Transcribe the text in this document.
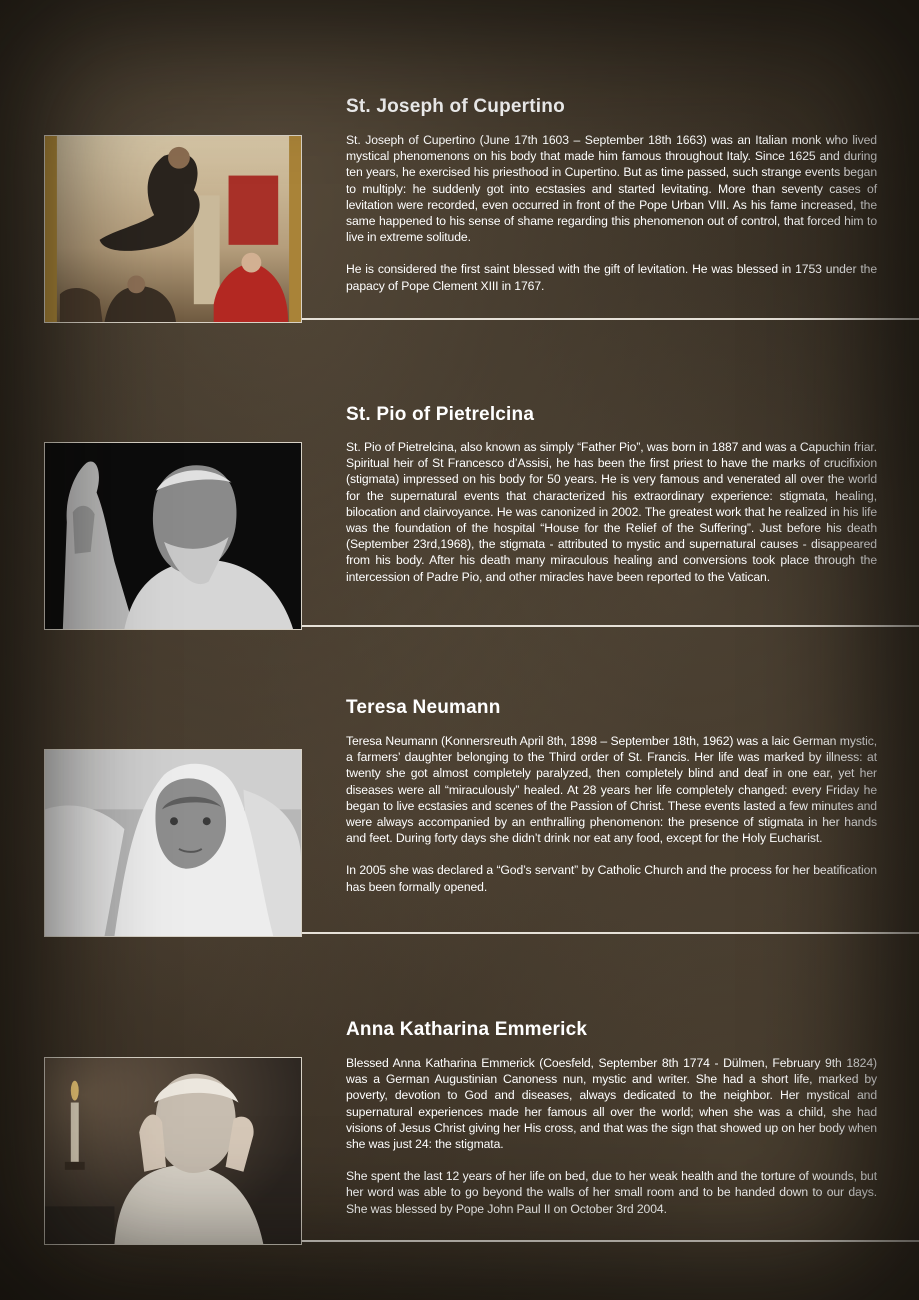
St. Joseph of Cupertino

St. Joseph of Cupertino (June 17th 1603 – September 18th 1663) was an Italian monk who lived mystical phenomenons on his body that made him famous throughout Italy. Since 1625 and during ten years, he exercised his priesthood in Cupertino. But as time passed, such strange events began to multiply: he suddenly got into ecstasies and started levitating. More than seventy cases of levitation were recorded, even occurred in front of the Pope Urban VIII. As his fame increased, the same happened to his sense of shame regarding this phenomenon out of control, that forced him to live in extreme solitude.

He is considered the first saint blessed with the gift of levitation. He was blessed in 1753 under the papacy of Pope Clement XIII in 1767.

St. Pio of Pietrelcina

St. Pio of Pietrelcina, also known as simply “Father Pio”, was born in 1887 and was a Capuchin friar. Spiritual heir of St Francesco d’Assisi, he has been the first priest to have the marks of crucifixion (stigmata) impressed on his body for 50 years. He is very famous and venerated all over the world for the supernatural events that characterized his extraordinary experience: stigmata, healing, bilocation and clairvoyance. He was canonized in 2002. The greatest work that he realized in his life was the foundation of the hospital “House for the Relief of the Suffering”. Just before his death (September 23rd,1968), the stigmata - attributed to mystic and supernatural causes - disappeared from his body. After his death many miraculous healing and conversions took place through the intercession of Padre Pio, and other miracles have been reported to the Vatican.

Teresa Neumann

Teresa Neumann (Konnersreuth April 8th, 1898 – September 18th, 1962) was a laic German mystic, a farmers’ daughter belonging to the Third order of St. Francis. Her life was marked by illness: at twenty she got almost completely paralyzed, then completely blind and deaf in one ear, yet her diseases were all “miraculously” healed. At 28 years her life completely changed: every Friday he began to live ecstasies and scenes of the Passion of Christ. These events lasted a few minutes and were always accompanied by an enthralling phenomenon: the presence of stigmata in her hands and feet. During forty days she didn’t drink nor eat any food, except for the Holy Eucharist.

In 2005 she was declared a “God’s servant” by Catholic Church and the process for her beatification has been formally opened.

Anna Katharina Emmerick

Blessed Anna Katharina Emmerick (Coesfeld, September 8th 1774 - Dülmen, February 9th 1824) was a German Augustinian Canoness nun, mystic and writer. She had a short life, marked by poverty, devotion to God and diseases, always dedicated to the neighbor. Her mystical and supernatural experiences made her famous all over the world; when she was a child, she had visions of Jesus Christ giving her His cross, and that was the sign that showed up on her body when she was just 24: the stigmata.

She spent the last 12 years of her life on bed, due to her weak health and the torture of wounds, but her word was able to go beyond the walls of her small room and to be handed down to our days. She was blessed by Pope John Paul II on October 3rd 2004.
